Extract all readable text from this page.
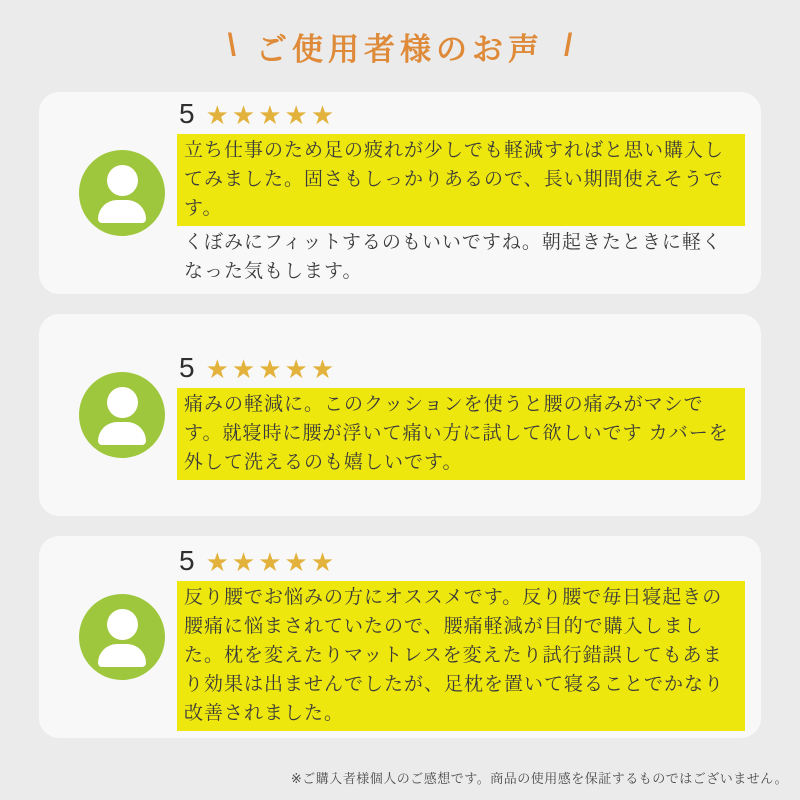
\ ご使用者様のお声 /
5 ★★★★★

立ち仕事のため足の疲れが少しでも軽減すればと思い購入してみました。固さもしっかりあるので、長い期間使えそうです。
くぼみにフィットするのもいいですね。朝起きたときに軽くなった気もします。

5 ★★★★★

痛みの軽減に。このクッションを使うと腰の痛みがマシです。就寝時に腰が浮いて痛い方に試して欲しいです カバーを外して洗えるのも嬉しいです。

5 ★★★★★

反り腰でお悩みの方にオススメです。反り腰で毎日寝起きの腰痛に悩まされていたので、腰痛軽減が目的で購入しました。枕を変えたりマットレスを変えたり試行錯誤してもあまり効果は出ませんでしたが、足枕を置いて寝ることでかなり改善されました。

※ご購入者様個人のご感想です。商品の使用感を保証するものではございません。
